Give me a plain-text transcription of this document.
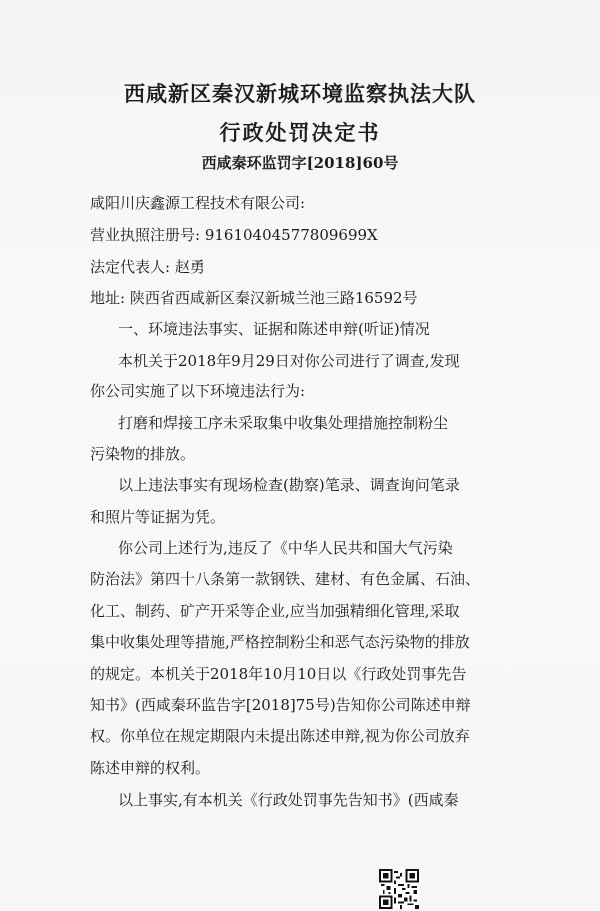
西咸新区秦汉新城环境监察执法大队
行政处罚决定书
西咸秦环监罚字[2018]60号
咸阳川庆鑫源工程技术有限公司:
营业执照注册号: 91610404577809699X
法定代表人: 赵勇
地址: 陕西省西咸新区秦汉新城兰池三路16592号
一、环境违法事实、证据和陈述申辩(听证)情况
本机关于2018年9月29日对你公司进行了调查,发现
你公司实施了以下环境违法行为:
打磨和焊接工序未采取集中收集处理措施控制粉尘
污染物的排放。
以上违法事实有现场检查(勘察)笔录、调查询问笔录
和照片等证据为凭。
你公司上述行为,违反了《中华人民共和国大气污染
防治法》第四十八条第一款钢铁、建材、有色金属、石油、
化工、制药、矿产开采等企业,应当加强精细化管理,采取
集中收集处理等措施,严格控制粉尘和恶气态污染物的排放
的规定。本机关于2018年10月10日以《行政处罚事先告
知书》(西咸秦环监告字[2018]75号)告知你公司陈述申辩
权。你单位在规定期限内未提出陈述申辩,视为你公司放弃
陈述申辩的权利。
以上事实,有本机关《行政处罚事先告知书》(西咸秦
